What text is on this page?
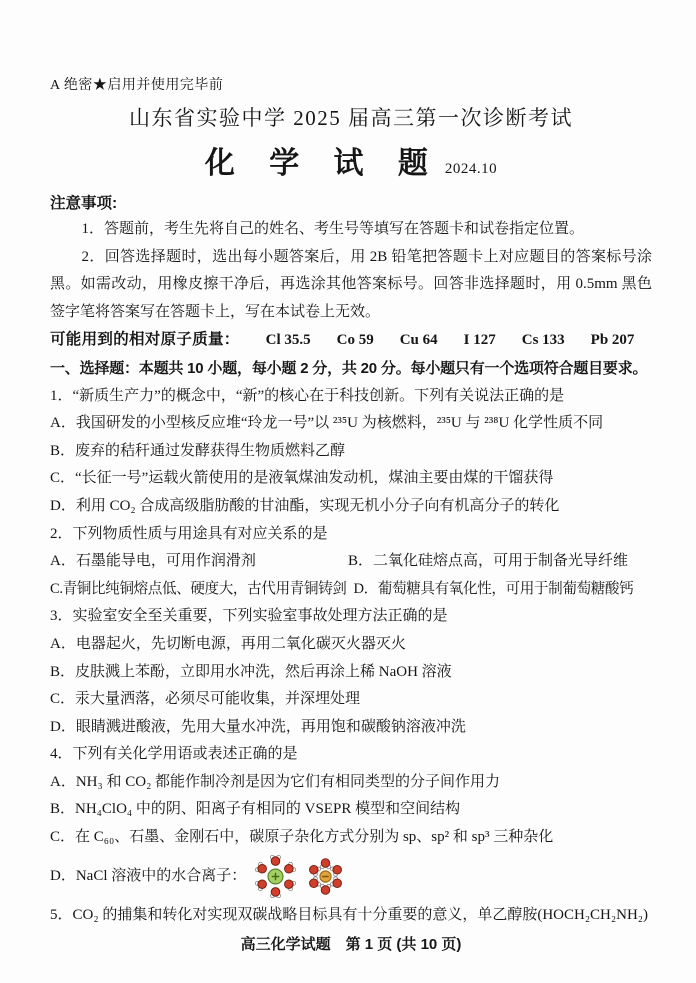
A 绝密★启用并使用完毕前
山东省实验中学 2025 届高三第一次诊断考试
化 学 试 题 2024.10
注意事项:

1．答题前，考生先将自己的姓名、考生号等填写在答题卡和试卷指定位置。

2．回答选择题时，选出每小题答案后，用 2B 铅笔把答题卡上对应题目的答案标号涂黑。如需改动，用橡皮擦干净后，再选涂其他答案标号。回答非选择题时，用 0.5mm 黑色签字笔将答案写在答题卡上，写在本试卷上无效。

可能用到的相对原子质量： Cl 35.5 Co 59 Cu 64 I 127 Cs 133 Pb 207

一、选择题：本题共 10 小题，每小题 2 分，共 20 分。每小题只有一个选项符合题目要求。

1．“新质生产力”的概念中，“新”的核心在于科技创新。下列有关说法正确的是

A．我国研发的小型核反应堆“玲龙一号”以 ²³⁵U 为核燃料，²³⁵U 与 ²³⁸U 化学性质不同

B．废弃的秸秆通过发酵获得生物质燃料乙醇

C．“长征一号”运载火箭使用的是液氧煤油发动机，煤油主要由煤的干馏获得

D．利用 CO₂ 合成高级脂肪酸的甘油酯，实现无机小分子向有机高分子的转化

2．下列物质性质与用途具有对应关系的是

A．石墨能导电，可用作润滑剂	B．二氧化硅熔点高，可用于制备光导纤维

C.青铜比纯铜熔点低、硬度大，古代用青铜铸剑 D．葡萄糖具有氧化性，可用于制葡萄糖酸钙

3．实验室安全至关重要，下列实验室事故处理方法正确的是

A．电器起火，先切断电源，再用二氧化碳灭火器灭火

B．皮肤溅上苯酚，立即用水冲洗，然后再涂上稀 NaOH 溶液

C．汞大量洒落，必须尽可能收集，并深埋处理

D．眼睛溅进酸液，先用大量水冲洗，再用饱和碳酸钠溶液冲洗

4．下列有关化学用语或表述正确的是

A．NH₃ 和 CO₂ 都能作制冷剂是因为它们有相同类型的分子间作用力

B．NH₄ClO₄ 中的阴、阳离子有相同的 VSEPR 模型和空间结构

C．在 C₆₀、石墨、金刚石中，碳原子杂化方式分别为 sp、sp² 和 sp³ 三种杂化

D．NaCl 溶液中的水合离子：

5．CO₂ 的捕集和转化对实现双碳战略目标具有十分重要的意义，单乙醇胺(HOCH₂CH₂NH₂)

高三化学试题　第 1 页 (共 10 页)
